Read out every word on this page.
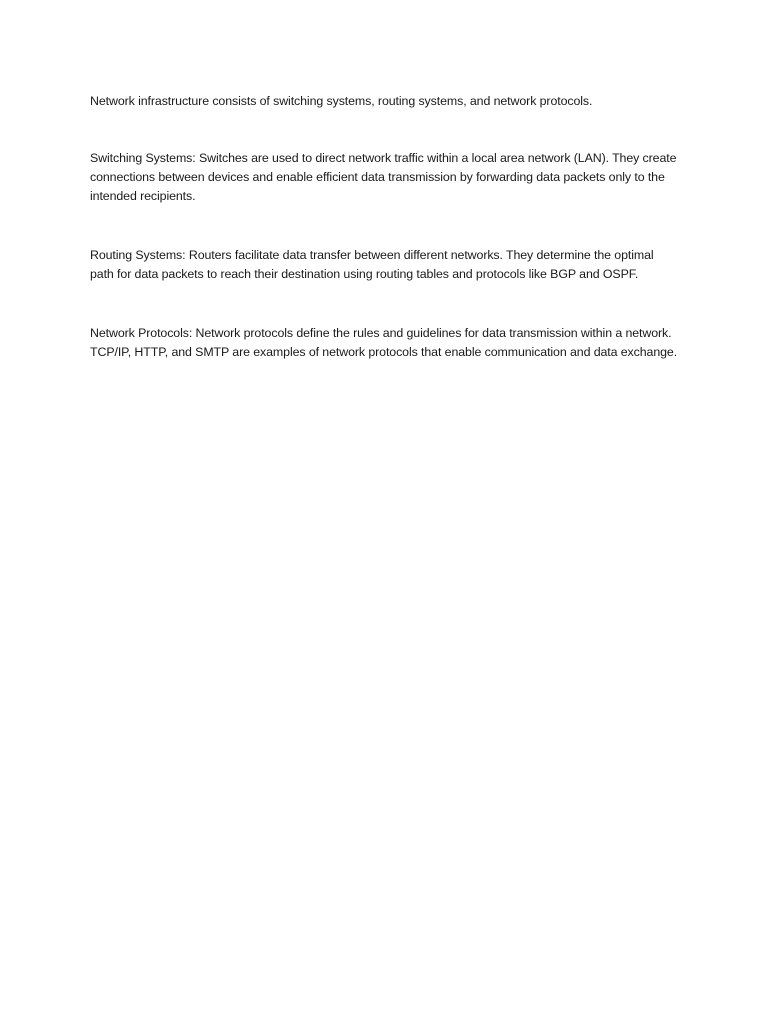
Network infrastructure consists of switching systems, routing systems, and network protocols.

Switching Systems: Switches are used to direct network traffic within a local area network (LAN). They create connections between devices and enable efficient data transmission by forwarding data packets only to the intended recipients.

Routing Systems: Routers facilitate data transfer between different networks. They determine the optimal path for data packets to reach their destination using routing tables and protocols like BGP and OSPF.

Network Protocols: Network protocols define the rules and guidelines for data transmission within a network. TCP/IP, HTTP, and SMTP are examples of network protocols that enable communication and data exchange.
